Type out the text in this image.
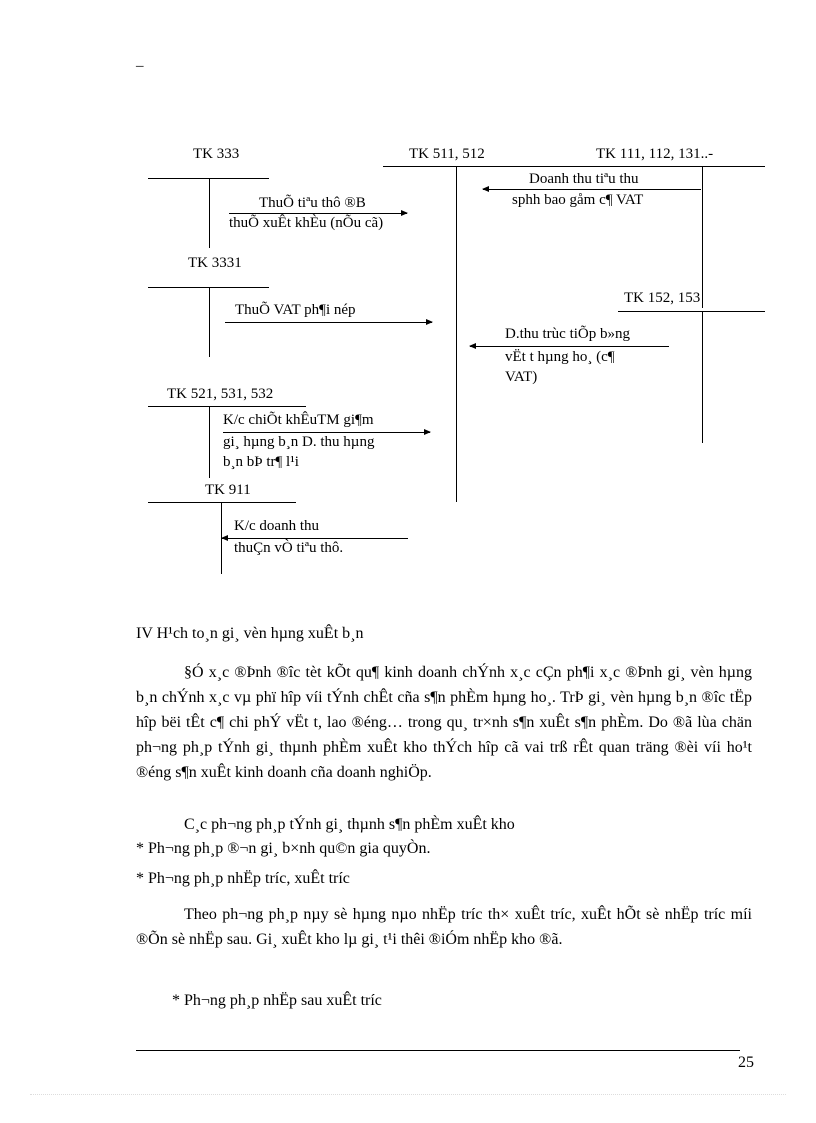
–
TK 333	TK 511, 512	TK 111, 112, 131..-
ThuÕ tiªu thô ®B
thuÕ xuÊt khÈu (nÕu cã)
Doanh thu tiªu thu
sphh bao gåm c¶ VAT
TK 3331
ThuÕ VAT ph¶i nép
TK 152, 153
D.thu trùc tiÕp b»ng
vËt t hµng ho¸ (c¶
VAT)
TK 521, 531, 532
K/c chiÕt khÊuTM gi¶m
gi¸ hµng b¸n D. thu hµng
b¸n bÞ tr¶ l¹i
TK 911
K/c doanh thu
thuÇn vÒ tiªu thô.
IV H¹ch to¸n gi¸ vèn hµng xuÊt b¸n

§Ó x¸c ®Þnh ®îc tèt kÕt qu¶ kinh doanh chÝnh x¸c cÇn ph¶i x¸c ®Þnh gi¸ vèn hµng b¸n chÝnh x¸c vµ phï hîp víi tÝnh chÊt cña s¶n phÈm hµng ho¸. TrÞ gi¸ vèn hµng b¸n ®îc tËp hîp bëi tÊt c¶ chi phÝ vËt t, lao ®éng… trong qu¸ tr×nh s¶n xuÊt s¶n phÈm. Do ®ã lùa chän ph¬ng ph¸p tÝnh gi¸ thµnh phÈm xuÊt kho thÝch hîp cã vai trß rÊt quan träng ®èi víi ho¹t ®éng s¶n xuÊt kinh doanh cña doanh nghiÖp.

C¸c ph¬ng ph¸p tÝnh gi¸ thµnh s¶n phÈm xuÊt kho

* Ph¬ng ph¸p ®¬n gi¸ b×nh qu©n gia quyÒn.

* Ph¬ng ph¸p nhËp tríc, xuÊt tríc

Theo ph¬ng ph¸p nµy sè hµng nµo nhËp tríc th× xuÊt tríc, xuÊt hÕt sè nhËp tríc míi ®Õn sè nhËp sau. Gi¸ xuÊt kho lµ gi¸ t¹i thêi ®iÓm nhËp kho ®ã.

* Ph¬ng ph¸p nhËp sau xuÊt tríc

25
